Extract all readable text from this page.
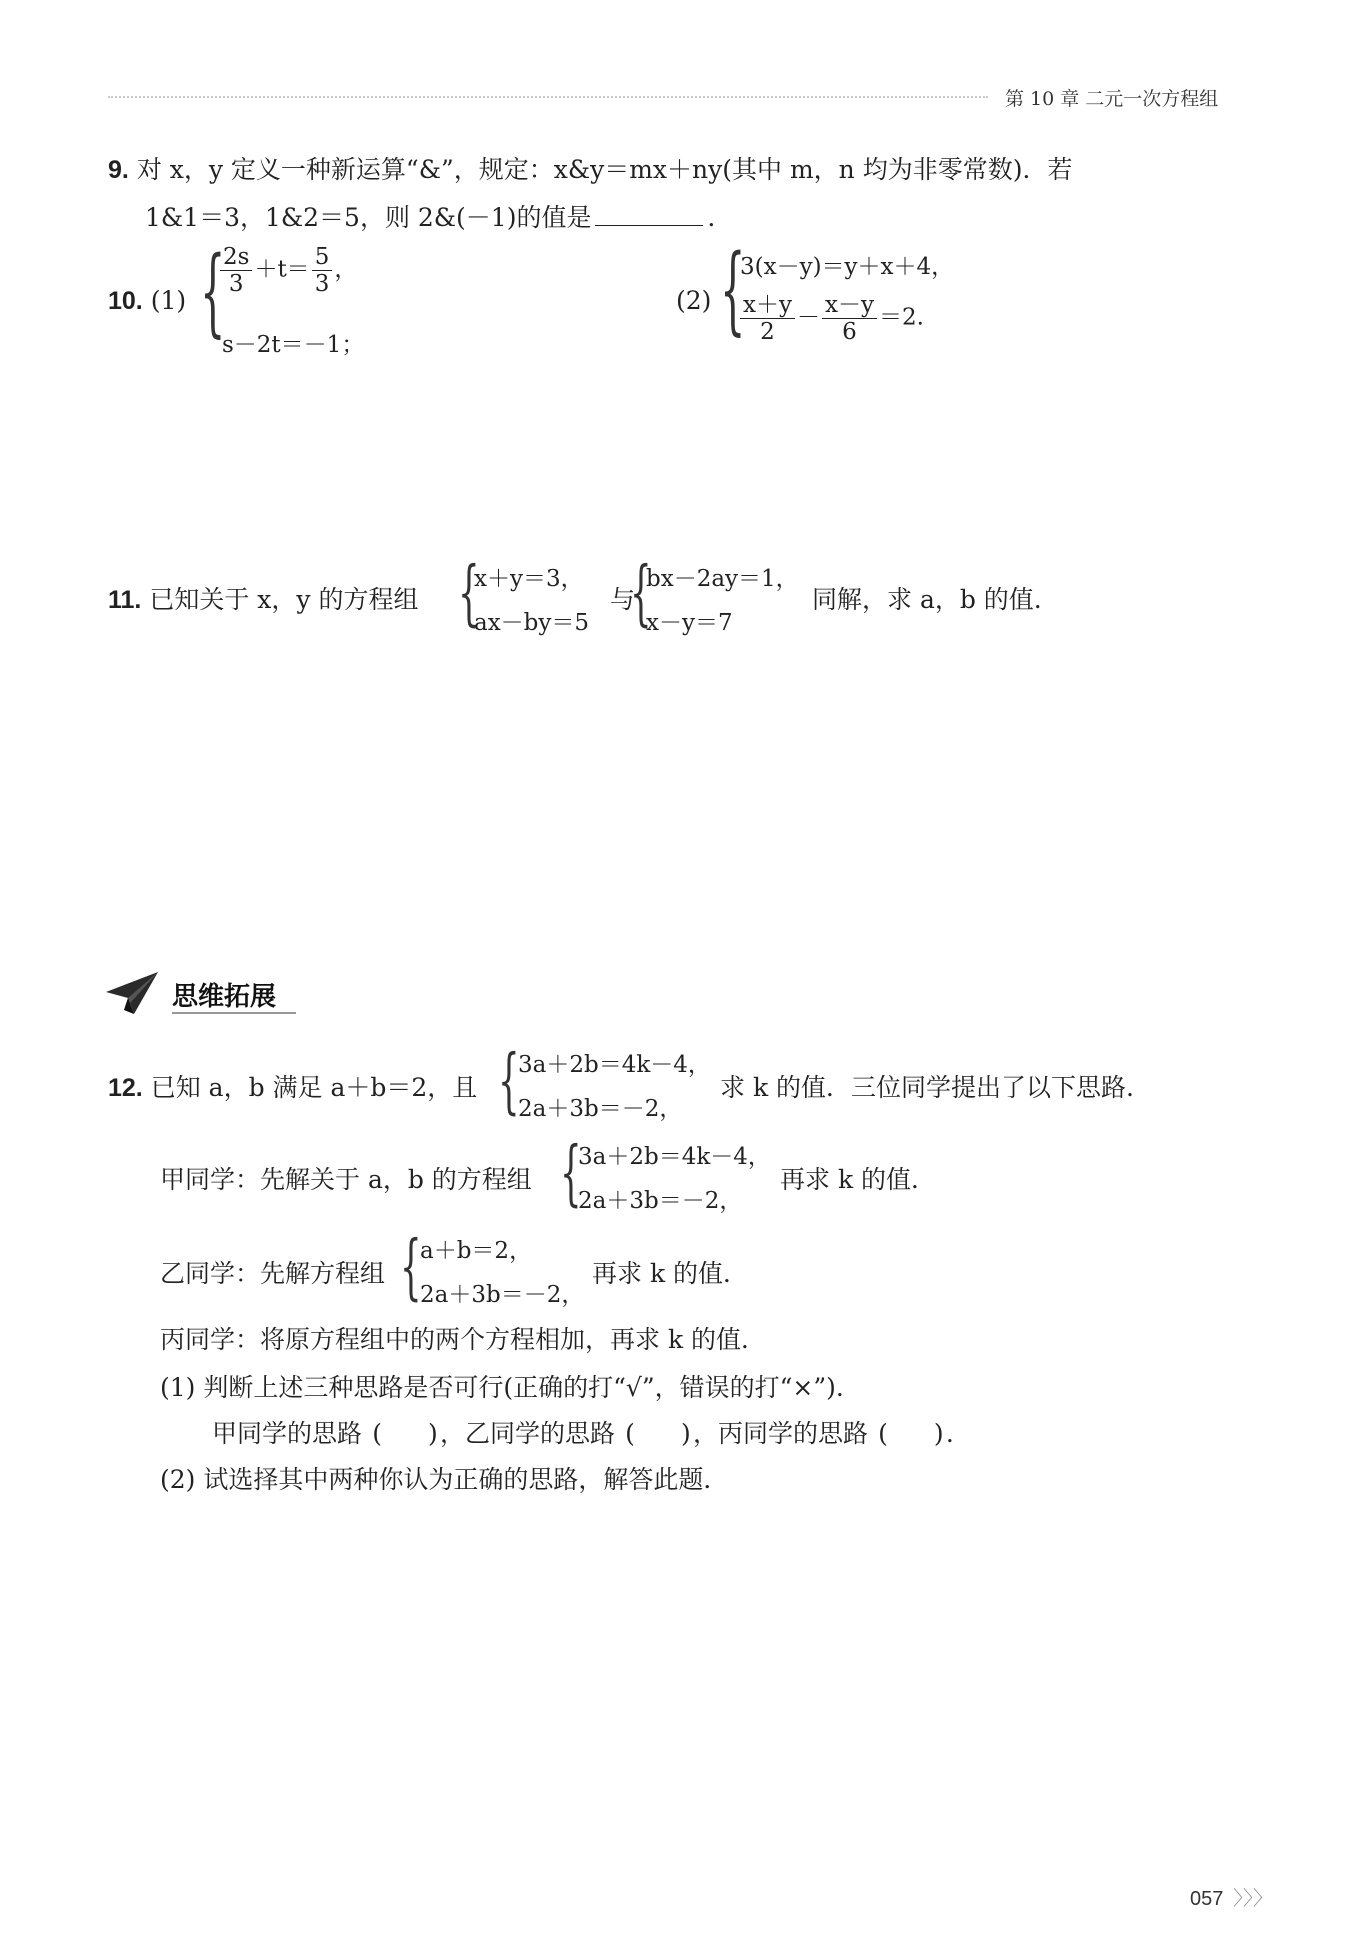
第 10 章 二元一次方程组
9. 对 x，y 定义一种新运算“&”，规定：x&y＝mx＋ny(其中 m，n 均为非零常数)．若
1&1＝3，1&2＝5，则 2&(－1)的值是	．
10. (1) {
$\frac{2s}{3} +t= \frac{5}{3}$ ，
s－2t＝－1；
(2) {
3(x－y)＝y＋x＋4，
$\frac{x+y}{2} - \frac{x-y}{6} =2$.
11. 已知关于 x，y 的方程组 {
x＋y＝3，
ax－by＝5
与
{
bx－2ay＝1，
x－y＝7
同解，求 a，b 的值.
思维拓展
12. 已知 a，b 满足 a＋b＝2，且 {
3a＋2b＝4k－4，
2a＋3b＝－2，
求 k 的值．三位同学提出了以下思路.
甲同学：先解关于 a，b 的方程组 {
3a＋2b＝4k－4，
2a＋3b＝－2，
再求 k 的值．
乙同学：先解方程组 {
a＋b＝2，
2a＋3b＝－2，
再求 k 的值．
丙同学：将原方程组中的两个方程相加，再求 k 的值．
(1) 判断上述三种思路是否可行(正确的打“√”，错误的打“×”).
甲同学的思路 ( )，乙同学的思路 ( )，丙同学的思路 ( ).
(2) 试选择其中两种你认为正确的思路，解答此题．
057 〉〉〉
